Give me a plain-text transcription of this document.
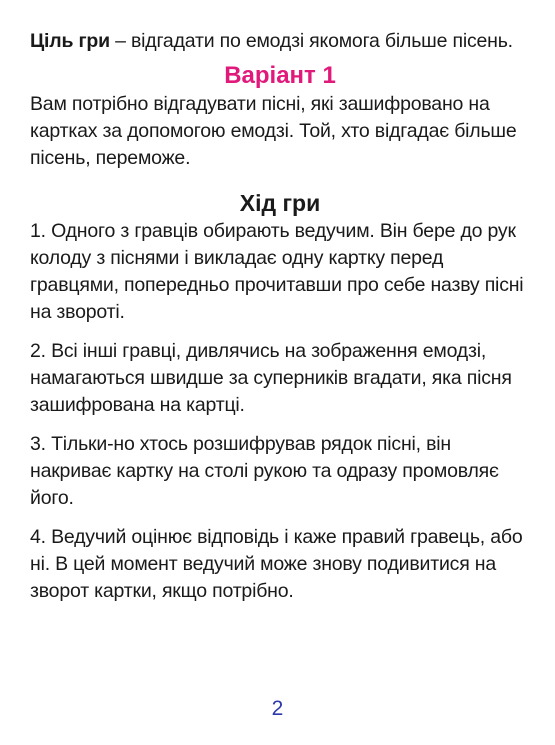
Ціль гри – відгадати по емодзі якомога більше пісень.

Варіант 1

Вам потрібно відгадувати пісні, які зашифровано на картках за допомогою емодзі. Той, хто відгадає більше пісень, переможе.

Хід гри

1. Одного з гравців обирають ведучим. Він бере до рук колоду з піснями і викладає одну картку перед гравцями, попередньо прочитавши про себе назву пісні на звороті.

2. Всі інші гравці, дивлячись на зображення емодзі, намагаються швидше за суперників вгадати, яка пісня зашифрована на картці.

3. Тільки-но хтось розшифрував рядок пісні, він накриває картку на столі рукою та одразу промовляє його.

4. Ведучий оцінює відповідь і каже правий гравець, або ні. В цей момент ведучий може знову подивитися на зворот картки, якщо потрібно.

2
